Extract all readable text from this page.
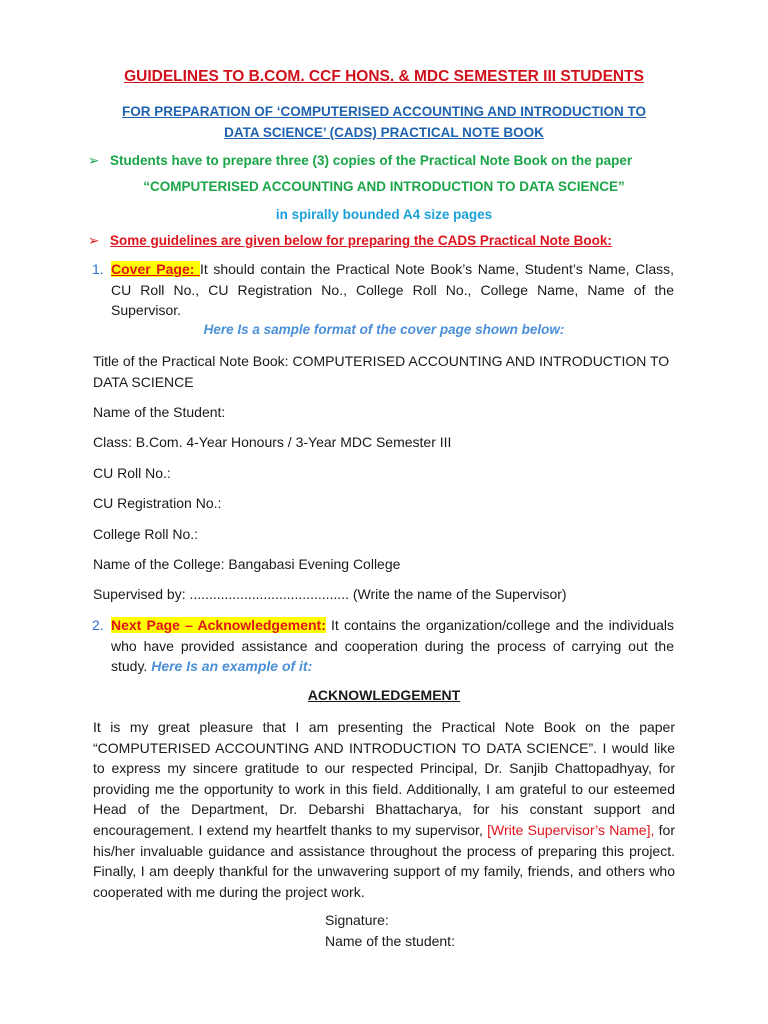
GUIDELINES TO B.COM. CCF HONS. & MDC SEMESTER III STUDENTS
FOR PREPARATION OF ‘COMPUTERISED ACCOUNTING AND INTRODUCTION TO
DATA SCIENCE’ (CADS) PRACTICAL NOTE BOOK
➢ Students have to prepare three (3) copies of the Practical Note Book on the paper
“COMPUTERISED ACCOUNTING AND INTRODUCTION TO DATA SCIENCE”
in spirally bounded A4 size pages
➢ Some guidelines are given below for preparing the CADS Practical Note Book:
1. Cover Page: It should contain the Practical Note Book’s Name, Student’s Name, Class, CU Roll No., CU Registration No., College Roll No., College Name, Name of the Supervisor.
Here Is a sample format of the cover page shown below:
Title of the Practical Note Book: COMPUTERISED ACCOUNTING AND INTRODUCTION TO DATA SCIENCE
Name of the Student:
Class: B.Com. 4-Year Honours / 3-Year MDC Semester III
CU Roll No.:
CU Registration No.:
College Roll No.:
Name of the College: Bangabasi Evening College
Supervised by: ......................................... (Write the name of the Supervisor)
2. Next Page – Acknowledgement: It contains the organization/college and the individuals who have provided assistance and cooperation during the process of carrying out the study. Here Is an example of it:
ACKNOWLEDGEMENT
It is my great pleasure that I am presenting the Practical Note Book on the paper “COMPUTERISED ACCOUNTING AND INTRODUCTION TO DATA SCIENCE”. I would like to express my sincere gratitude to our respected Principal, Dr. Sanjib Chattopadhyay, for providing me the opportunity to work in this field. Additionally, I am grateful to our esteemed Head of the Department, Dr. Debarshi Bhattacharya, for his constant support and encouragement. I extend my heartfelt thanks to my supervisor, [Write Supervisor’s Name], for his/her invaluable guidance and assistance throughout the process of preparing this project. Finally, I am deeply thankful for the unwavering support of my family, friends, and others who cooperated with me during the project work.
Signature:
Name of the student:
